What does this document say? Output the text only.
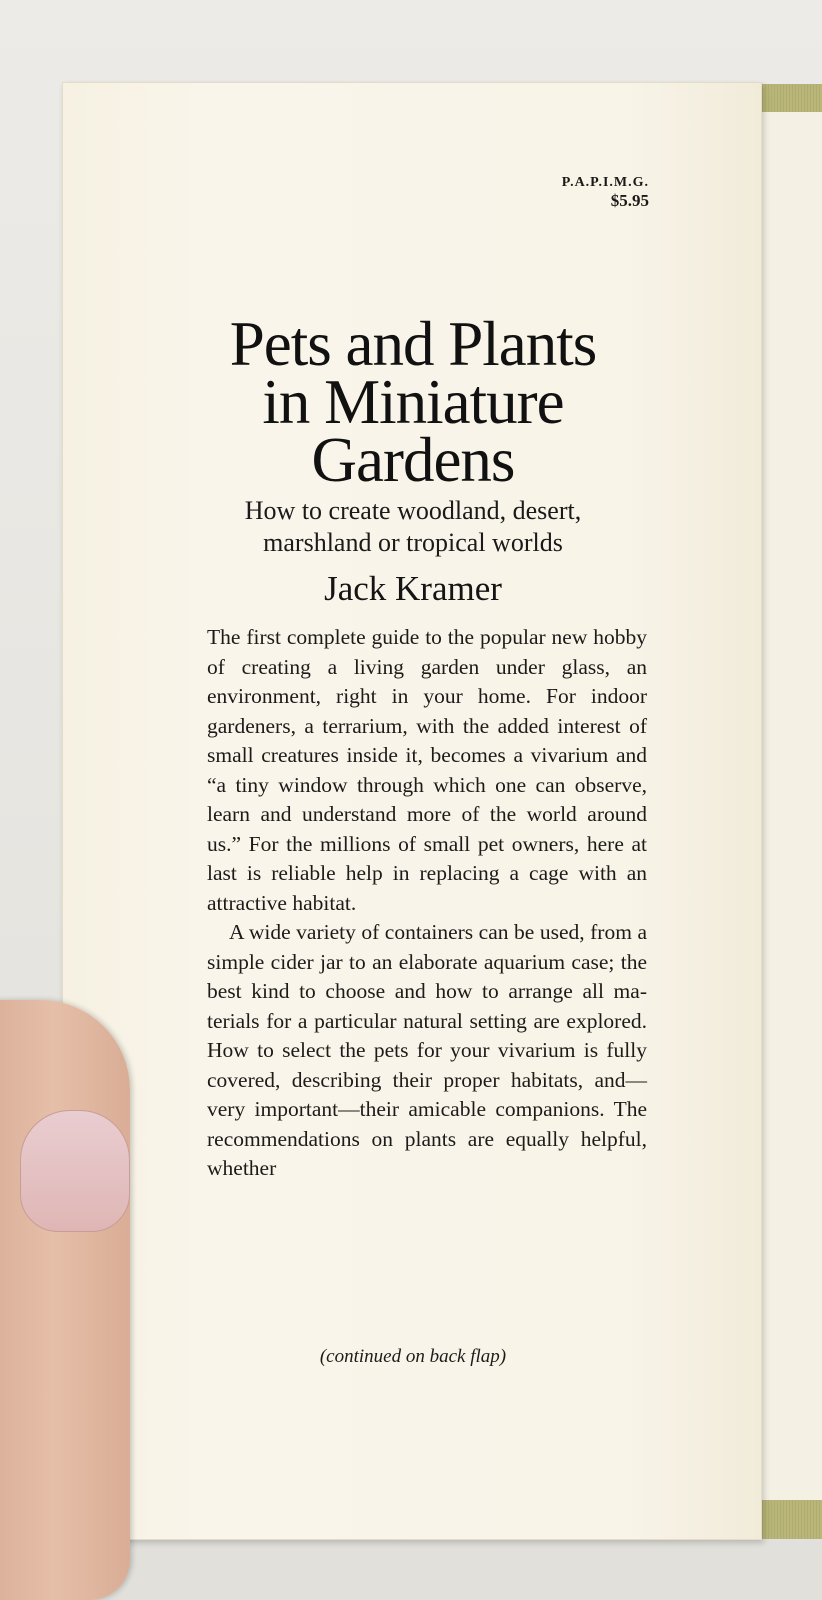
P.A.P.I.M.G.
$5.95
Pets and Plants
in Miniature
Gardens
How to create woodland, desert,
marshland or tropical worlds
Jack Kramer

The first complete guide to the popular new hobby of creating a living garden under glass, an environment, right in your home. For indoor gardeners, a terrarium, with the added interest of small creatures inside it, becomes a vivarium and “a tiny window through which one can observe, learn and understand more of the world around us.” For the millions of small pet owners, here at last is reliable help in replacing a cage with an attractive habitat.

A wide variety of containers can be used, from a simple cider jar to an elaborate aquarium case; the best kind to choose and how to arrange all materials for a particular natural setting are explored. How to select the pets for your vivarium is fully covered, describing their proper habitats, and—very important—their amicable companions. The recommendations on plants are equally helpful, whether

(continued on back flap)
